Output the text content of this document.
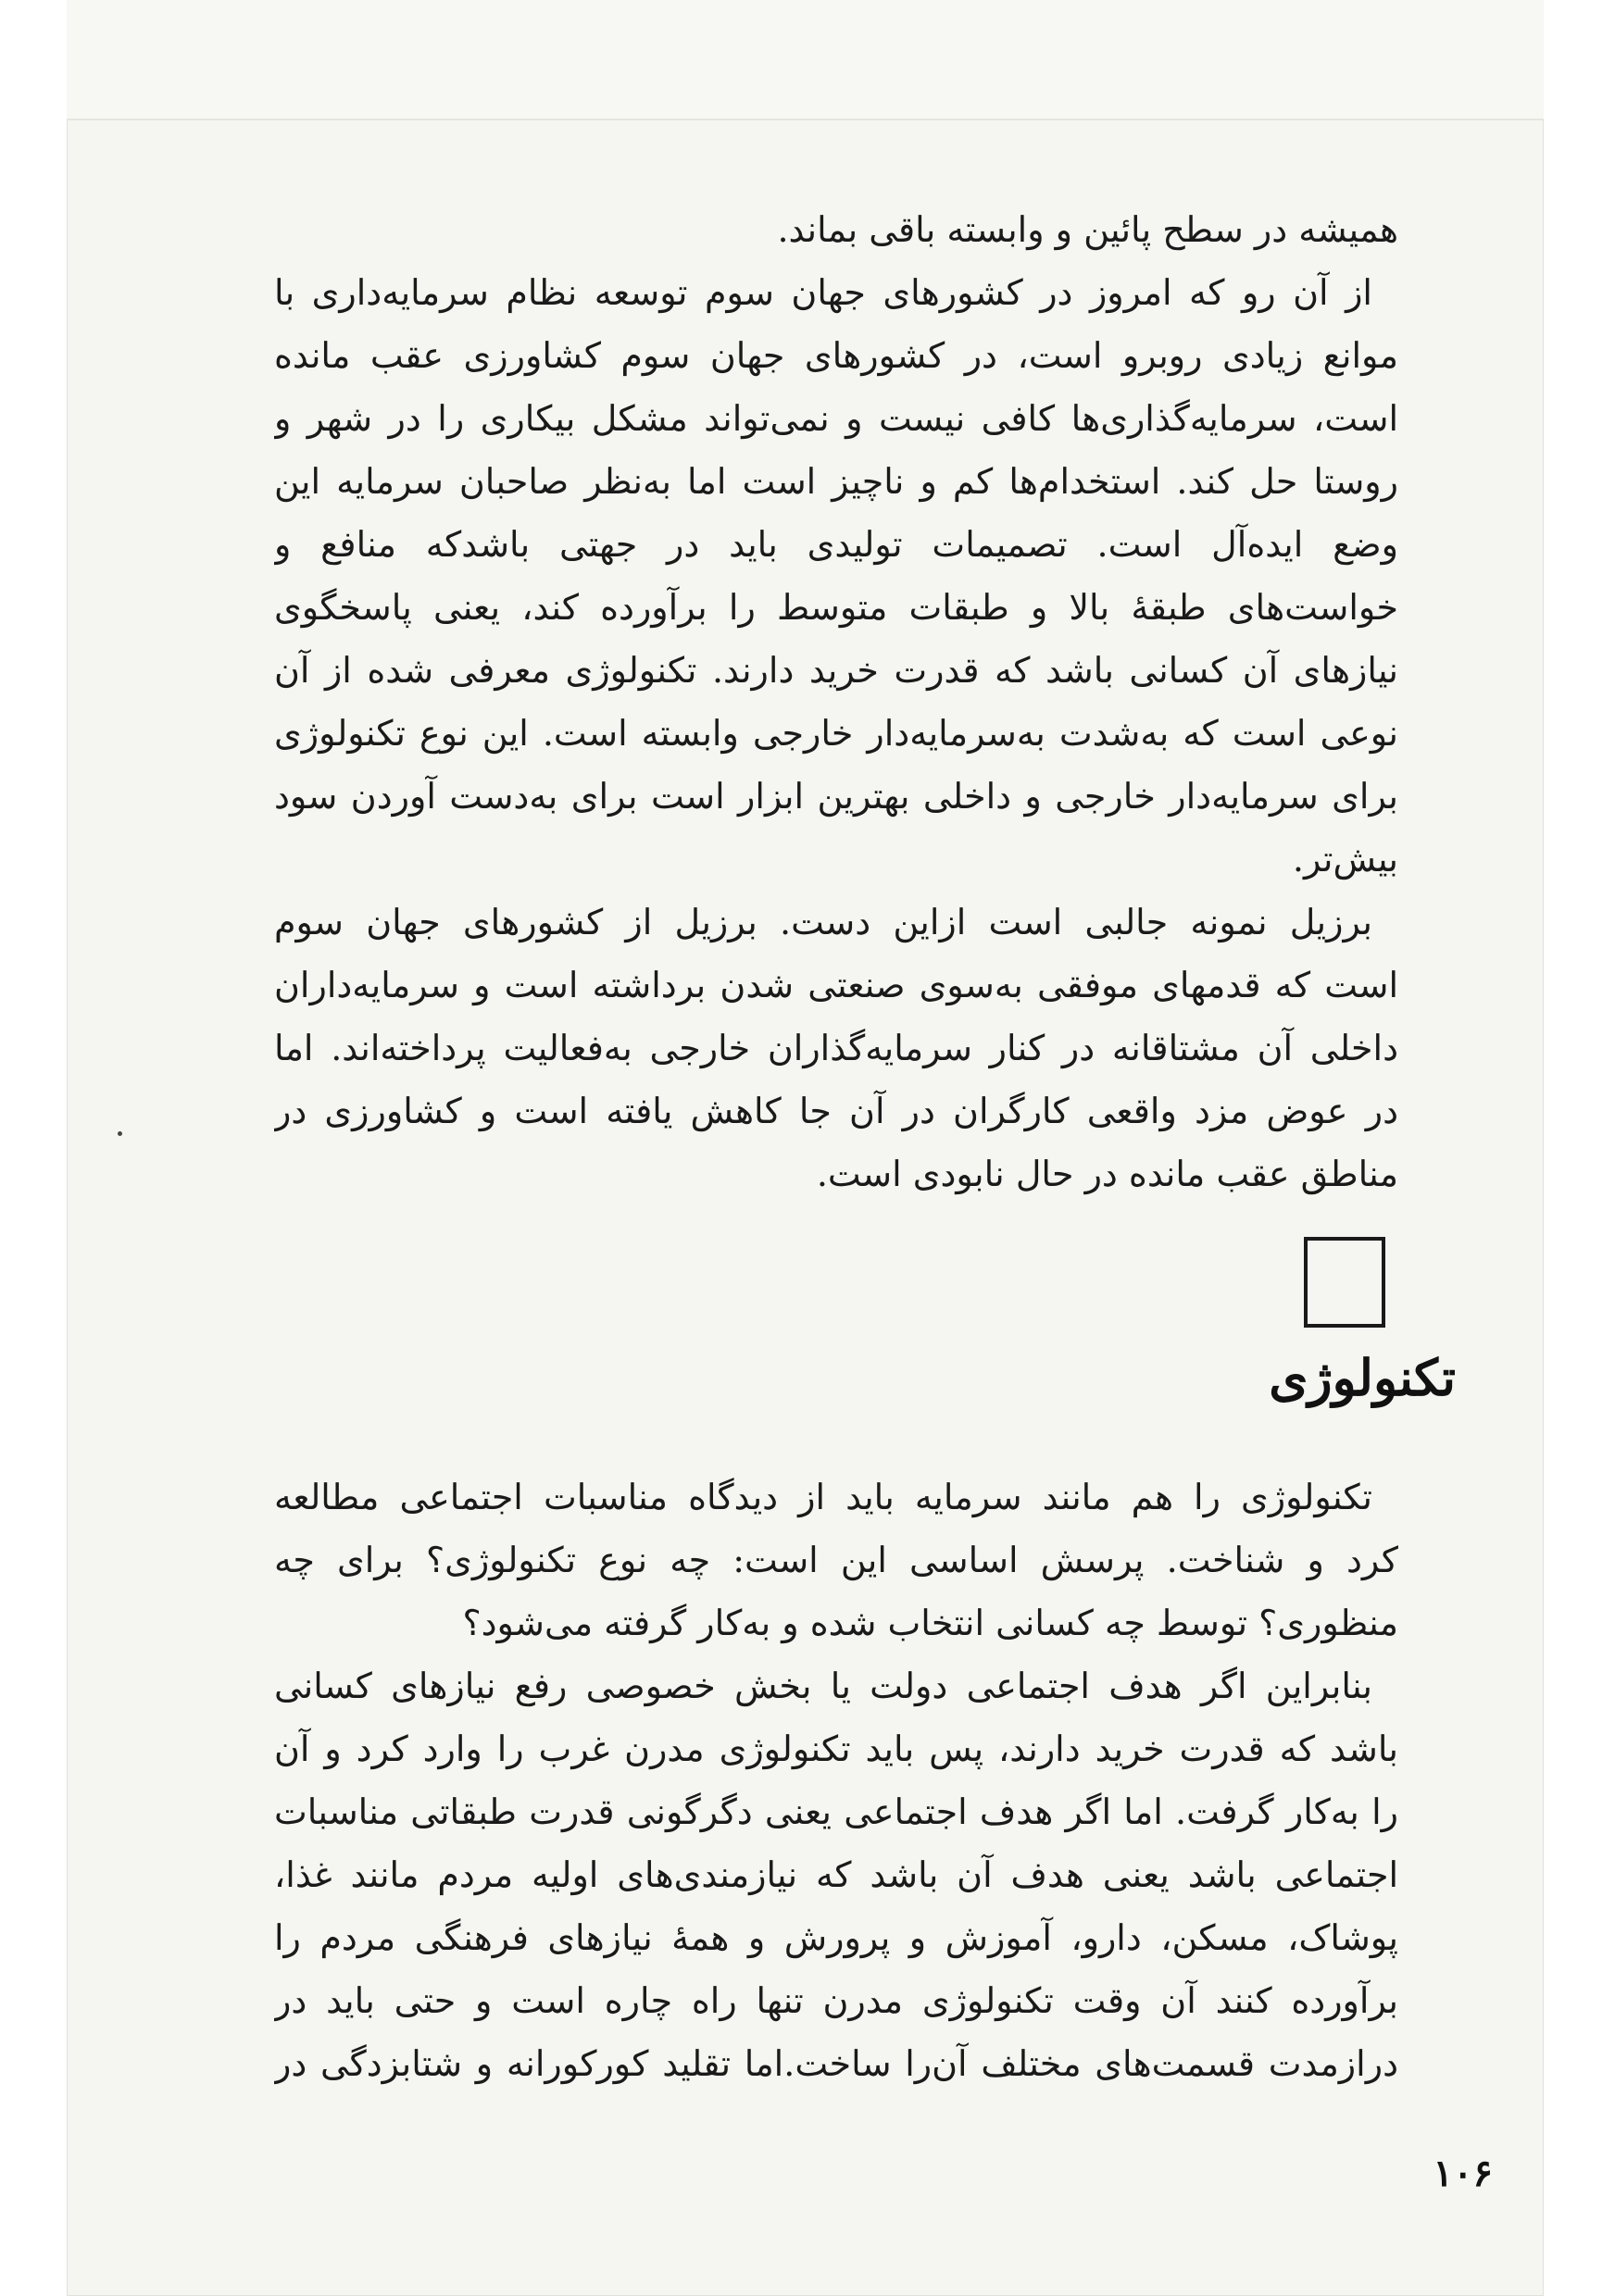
همیشه در سطح پائین و وابسته باقی بماند.
از آن رو که امروز در کشورهای جهان سوم توسعه نظام سرمایه‌داری با
موانع زیادی روبرو است، در کشورهای جهان سوم کشاورزی عقب مانده
است، سرمایه‌گذاری‌ها کافی نیست و نمی‌تواند مشکل بیکاری را در شهر و
روستا حل کند. استخدام‌ها کم و ناچیز است اما به‌نظر صاحبان سرمایه این
وضع ایده‌آل است. تصمیمات تولیدی باید در جهتی باشدکه منافع و
خواست‌های طبقهٔ بالا و طبقات متوسط را برآورده کند، یعنی پاسخگوی
نیازهای آن کسانی باشد که قدرت خرید دارند. تکنولوژی معرفی شده از آن
نوعی است که به‌شدت به‌سرمایه‌دار خارجی وابسته است. این نوع تکنولوژی
برای سرمایه‌دار خارجی و داخلی بهترین ابزار است برای به‌دست آوردن سود
بیش‌تر.
برزیل نمونه جالبی است ازاین دست. برزیل از کشورهای جهان سوم
است که قدمهای موفقی به‌سوی صنعتی شدن برداشته است و سرمایه‌داران
داخلی آن مشتاقانه در کنار سرمایه‌گذاران خارجی به‌فعالیت پرداخته‌اند. اما
در عوض مزد واقعی کارگران در آن جا کاهش یافته است و کشاورزی در
مناطق عقب مانده در حال نابودی است.
تکنولوژی
تکنولوژی را هم مانند سرمایه باید از دیدگاه مناسبات اجتماعی مطالعه
کرد و شناخت. پرسش اساسی این است: چه نوع تکنولوژی؟ برای چه
منظوری؟ توسط چه کسانی انتخاب شده و به‌کار گرفته می‌شود؟
بنابراین اگر هدف اجتماعی دولت یا بخش خصوصی رفع نیازهای کسانی
باشد که قدرت خرید دارند، پس باید تکنولوژی مدرن غرب را وارد کرد و آن
را به‌کار گرفت. اما اگر هدف اجتماعی یعنی دگرگونی قدرت طبقاتی مناسبات
اجتماعی باشد یعنی هدف آن باشد که نیازمندی‌های اولیه مردم مانند غذا،
پوشاک، مسکن، دارو، آموزش و پرورش و همهٔ نیازهای فرهنگی مردم را
برآورده کنند آن وقت تکنولوژی مدرن تنها راه چاره است و حتی باید در
درازمدت قسمت‌های مختلف آن‌را ساخت.اما تقلید کورکورانه و شتابزدگی در
۱۰۶
